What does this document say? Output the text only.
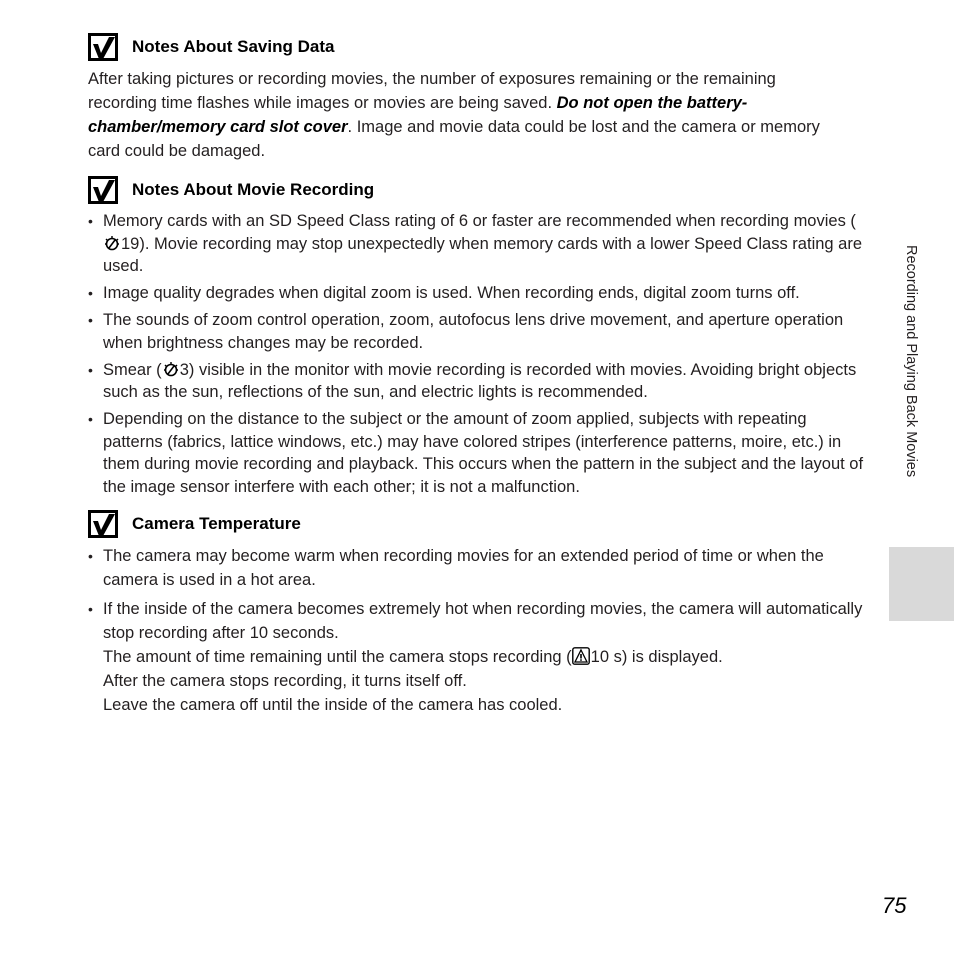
Notes About Saving Data

After taking pictures or recording movies, the number of exposures remaining or the remaining recording time flashes while images or movies are being saved. Do not open the battery-chamber/memory card slot cover. Image and movie data could be lost and the camera or memory card could be damaged.

Notes About Movie Recording
• Memory cards with an SD Speed Class rating of 6 or faster are recommended when recording movies (
19). Movie recording may stop unexpectedly when memory cards with a lower Speed Class rating are used.
• Image quality degrades when digital zoom is used. When recording ends, digital zoom turns off.
• The sounds of zoom control operation, zoom, autofocus lens drive movement, and aperture operation when brightness changes may be recorded.
• Smear ( 3) visible in the monitor with movie recording is recorded with movies. Avoiding bright objects such as the sun, reflections of the sun, and electric lights is recommended.
• Depending on the distance to the subject or the amount of zoom applied, subjects with repeating patterns (fabrics, lattice windows, etc.) may have colored stripes (interference patterns, moire, etc.) in them during movie recording and playback. This occurs when the pattern in the subject and the layout of the image sensor interfere with each other; it is not a malfunction.
Camera Temperature
• The camera may become warm when recording movies for an extended period of time or when the camera is used in a hot area.
• If the inside of the camera becomes extremely hot when recording movies, the camera will automatically stop recording after 10 seconds.
The amount of time remaining until the camera stops recording ( 10 s) is displayed.
After the camera stops recording, it turns itself off.
Leave the camera off until the inside of the camera has cooled.
Recording and Playing Back Movies
75
